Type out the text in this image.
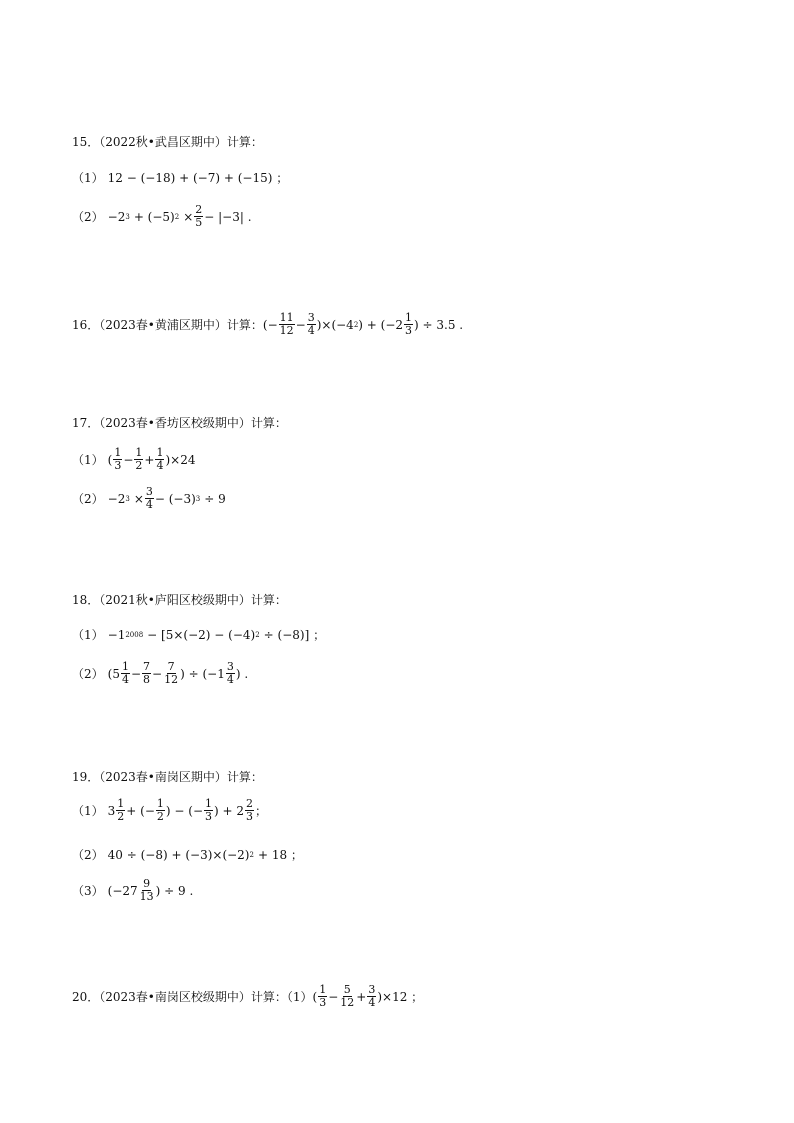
15．（2022秋•武昌区期中）计算：
（1） 12 − (−18) + (−7) + (−15) ；
（2） −2 3 + (−5) $2 \times \frac{2}{5} - |-3|$ .
16．（2023春•黄浦区期中）计算： (− $\frac{11}{12} - \frac{3}{4} )\times(-4$ 2 ) + ($-2 \frac{1}{3}$ ) ÷ 3.5 .
17．（2023春•香坊区校级期中）计算：
（1） ( $\frac{1}{3} - \frac{1}{2} + \frac{1}{4} )\times 24$
（2） −2 $3 \times \frac{3}{4} - (-3) 3 \div 9$
18．（2021秋•庐阳区校级期中）计算：
（1） −1 2008 − [5×(−2) − (−4) 2 ÷ (−8)] ；
（2） ($5 \frac{1}{4} - \frac{7}{8} - \frac{7}{12}$ ) ÷ ($-1 \frac{3}{4}$ ) .
19．（2023春•南岗区期中）计算：
（1） $3 \frac{1}{2}$ + (− $\frac{1}{2}$ ) − (− $\frac{1}{3}$ ) + $2 \frac{2}{3}$ ；
（2） 40 ÷ (−8) + (−3)×(−2) 2 + 18 ；
（3） ($-27 \frac{9}{13}$ ) ÷ 9 .
20．（2023春•南岗区校级期中）计算：（1） ( $\frac{1}{3} - \frac{5}{12} + \frac{3}{4} )\times 12$ ；
